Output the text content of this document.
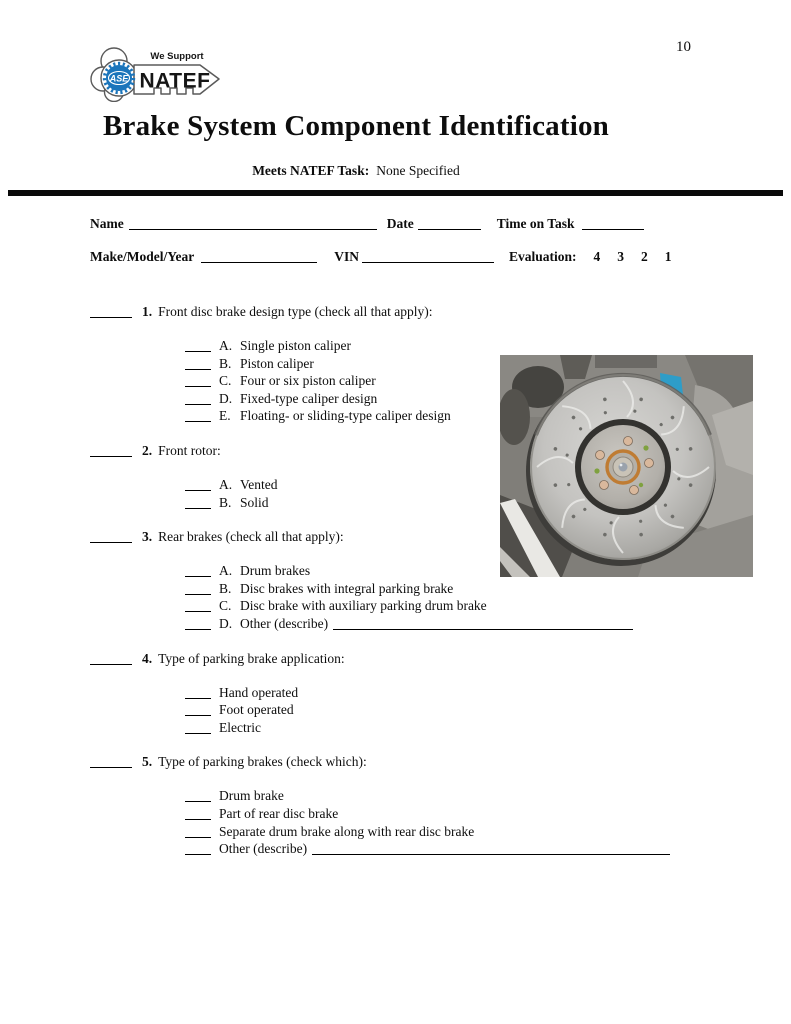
ASE
We Support
NATEF
10
Brake System Component Identification
Meets NATEF Task: None Specified
Name	Date	Time on Task
Make/Model/Year	VIN	Evaluation: 4 3 2 1
1. Front disc brake design type (check all that apply):
A. Single piston caliper
B. Piston caliper
C. Four or six piston caliper
D. Fixed-type caliper design
E. Floating- or sliding-type caliper design
2. Front rotor:
A. Vented
B. Solid
3. Rear brakes (check all that apply):
A. Drum brakes
B. Disc brakes with integral parking brake
C. Disc brake with auxiliary parking drum brake
D. Other (describe)
4. Type of parking brake application:
Hand operated
Foot operated
Electric
5. Type of parking brakes (check which):
Drum brake
Part of rear disc brake
Separate drum brake along with rear disc brake
Other (describe)
